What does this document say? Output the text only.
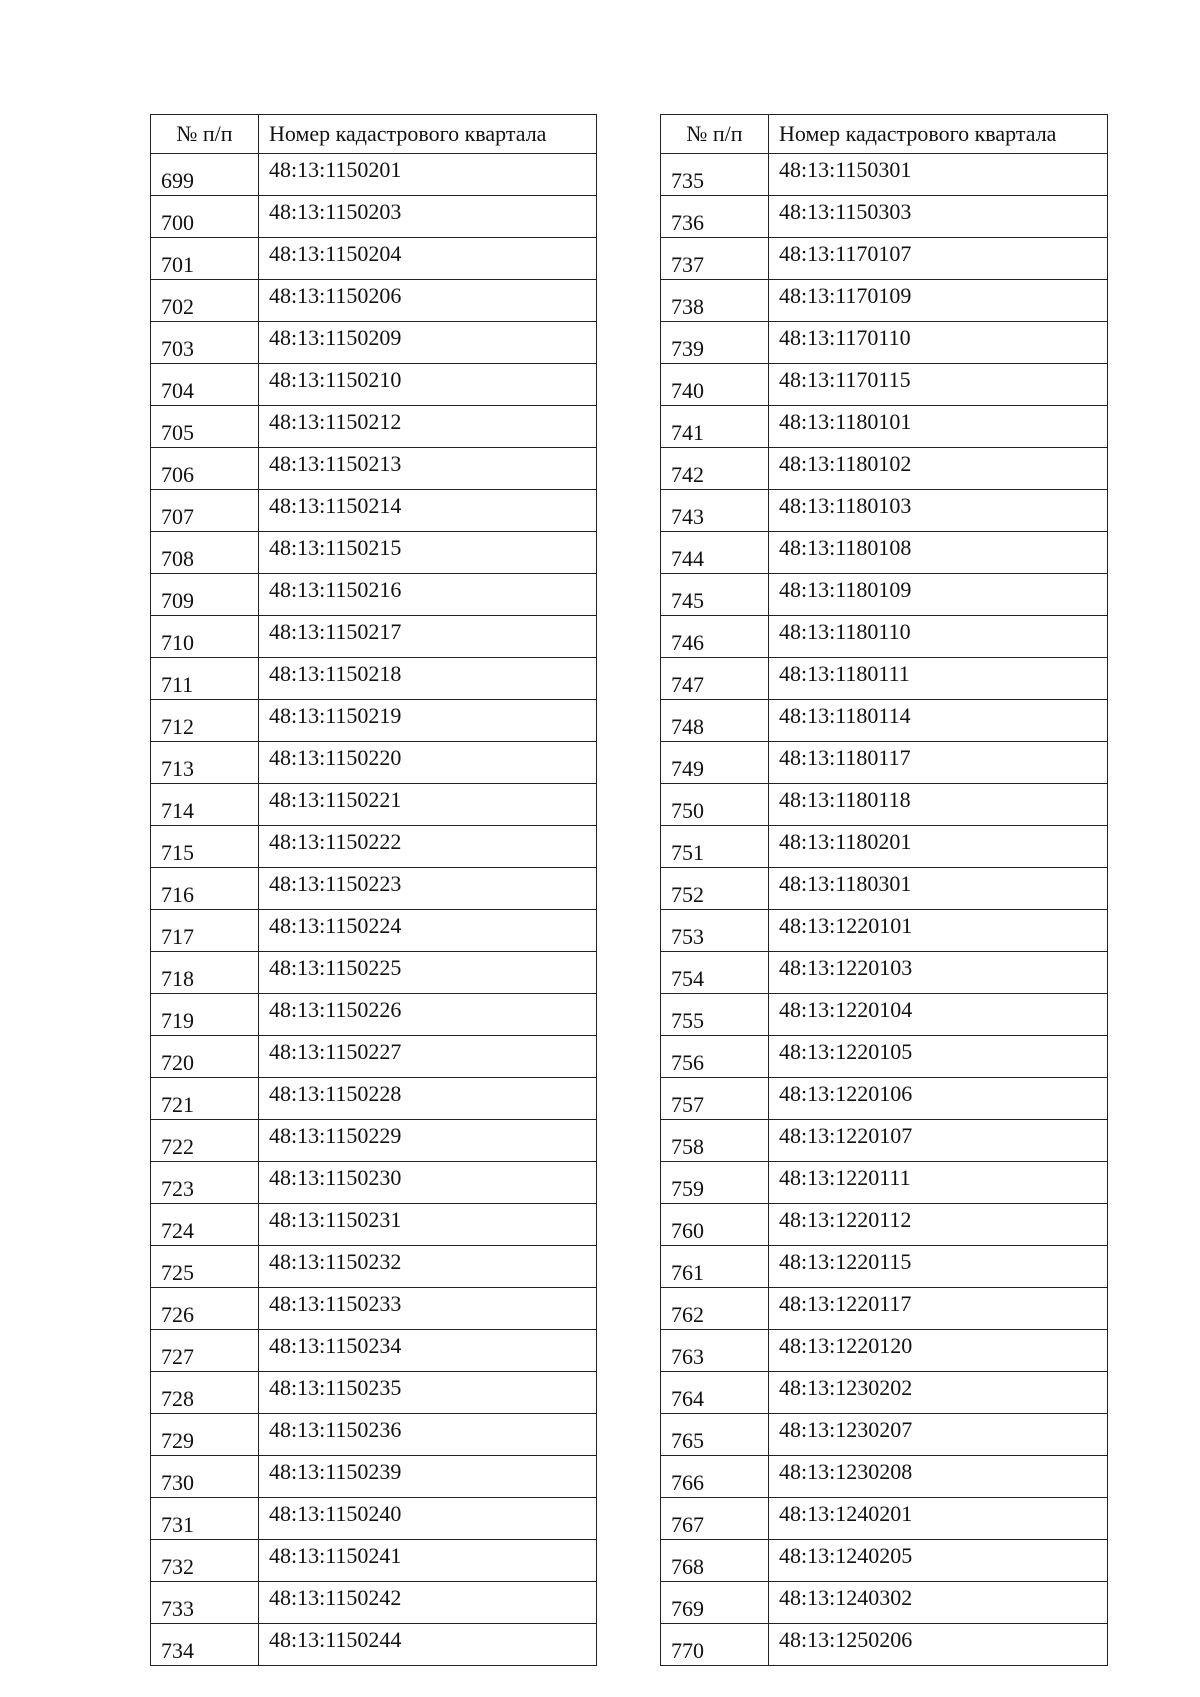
№ п/п	Номер кадастрового квартала
699	48:13:1150201
700	48:13:1150203
701	48:13:1150204
702	48:13:1150206
703	48:13:1150209
704	48:13:1150210
705	48:13:1150212
706	48:13:1150213
707	48:13:1150214
708	48:13:1150215
709	48:13:1150216
710	48:13:1150217
711	48:13:1150218
712	48:13:1150219
713	48:13:1150220
714	48:13:1150221
715	48:13:1150222
716	48:13:1150223
717	48:13:1150224
718	48:13:1150225
719	48:13:1150226
720	48:13:1150227
721	48:13:1150228
722	48:13:1150229
723	48:13:1150230
724	48:13:1150231
725	48:13:1150232
726	48:13:1150233
727	48:13:1150234
728	48:13:1150235
729	48:13:1150236
730	48:13:1150239
731	48:13:1150240
732	48:13:1150241
733	48:13:1150242
734	48:13:1150244
№ п/п	Номер кадастрового квартала
735	48:13:1150301
736	48:13:1150303
737	48:13:1170107
738	48:13:1170109
739	48:13:1170110
740	48:13:1170115
741	48:13:1180101
742	48:13:1180102
743	48:13:1180103
744	48:13:1180108
745	48:13:1180109
746	48:13:1180110
747	48:13:1180111
748	48:13:1180114
749	48:13:1180117
750	48:13:1180118
751	48:13:1180201
752	48:13:1180301
753	48:13:1220101
754	48:13:1220103
755	48:13:1220104
756	48:13:1220105
757	48:13:1220106
758	48:13:1220107
759	48:13:1220111
760	48:13:1220112
761	48:13:1220115
762	48:13:1220117
763	48:13:1220120
764	48:13:1230202
765	48:13:1230207
766	48:13:1230208
767	48:13:1240201
768	48:13:1240205
769	48:13:1240302
770	48:13:1250206
